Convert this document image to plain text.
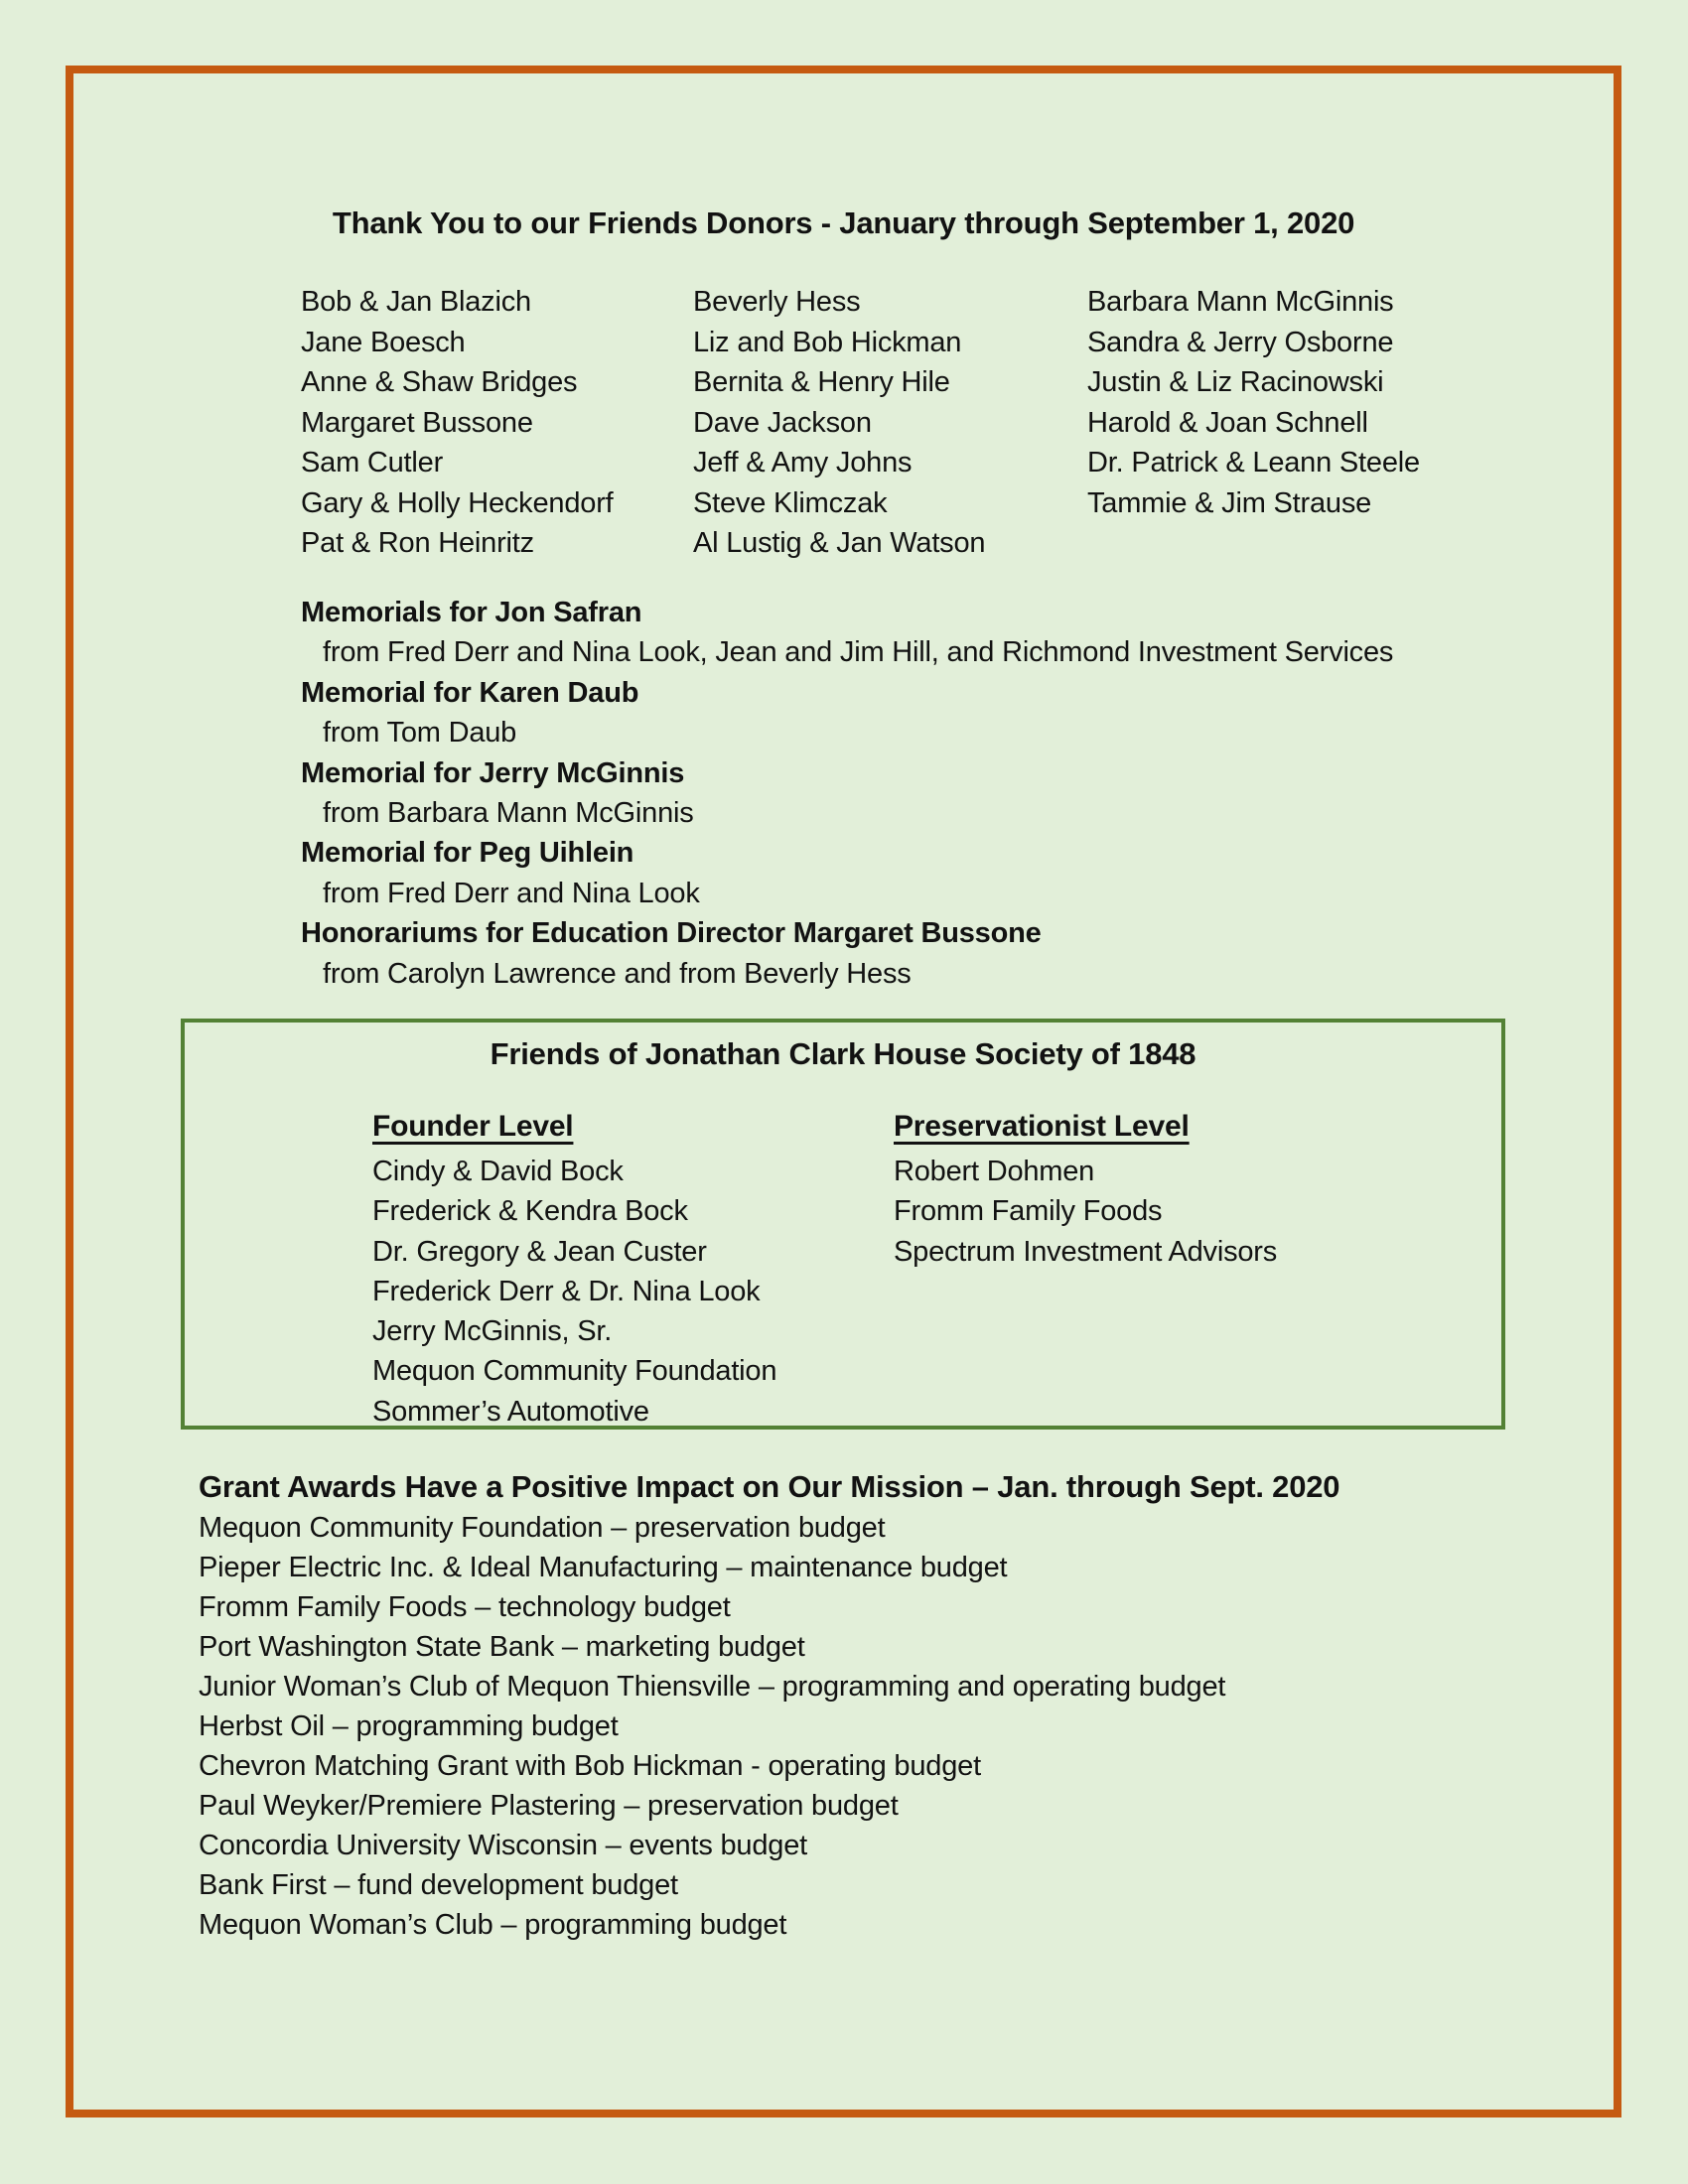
Thank You to our Friends Donors - January through September 1, 2020
Bob & Jan Blazich
Jane Boesch
Anne & Shaw Bridges
Margaret Bussone
Sam Cutler
Gary & Holly Heckendorf
Pat & Ron Heinritz
Beverly Hess
Liz and Bob Hickman
Bernita & Henry Hile
Dave Jackson
Jeff & Amy Johns
Steve Klimczak
Al Lustig & Jan Watson
Barbara Mann McGinnis
Sandra & Jerry Osborne
Justin & Liz Racinowski
Harold & Joan Schnell
Dr. Patrick & Leann Steele
Tammie & Jim Strause
Memorials for Jon Safran
from Fred Derr and Nina Look, Jean and Jim Hill, and Richmond Investment Services
Memorial for Karen Daub
from Tom Daub
Memorial for Jerry McGinnis
from Barbara Mann McGinnis
Memorial for Peg Uihlein
from Fred Derr and Nina Look
Honorariums for Education Director Margaret Bussone
from Carolyn Lawrence and from Beverly Hess
Friends of Jonathan Clark House Society of 1848
Founder Level
Cindy & David Bock
Frederick & Kendra Bock
Dr. Gregory & Jean Custer
Frederick Derr & Dr. Nina Look
Jerry McGinnis, Sr.
Mequon Community Foundation
Sommer’s Automotive
Preservationist Level
Robert Dohmen
Fromm Family Foods
Spectrum Investment Advisors
Grant Awards Have a Positive Impact on Our Mission – Jan. through Sept. 2020
Mequon Community Foundation – preservation budget
Pieper Electric Inc. & Ideal Manufacturing – maintenance budget
Fromm Family Foods – technology budget
Port Washington State Bank – marketing budget
Junior Woman’s Club of Mequon Thiensville – programming and operating budget
Herbst Oil – programming budget
Chevron Matching Grant with Bob Hickman - operating budget
Paul Weyker/Premiere Plastering – preservation budget
Concordia University Wisconsin – events budget
Bank First – fund development budget
Mequon Woman’s Club – programming budget
